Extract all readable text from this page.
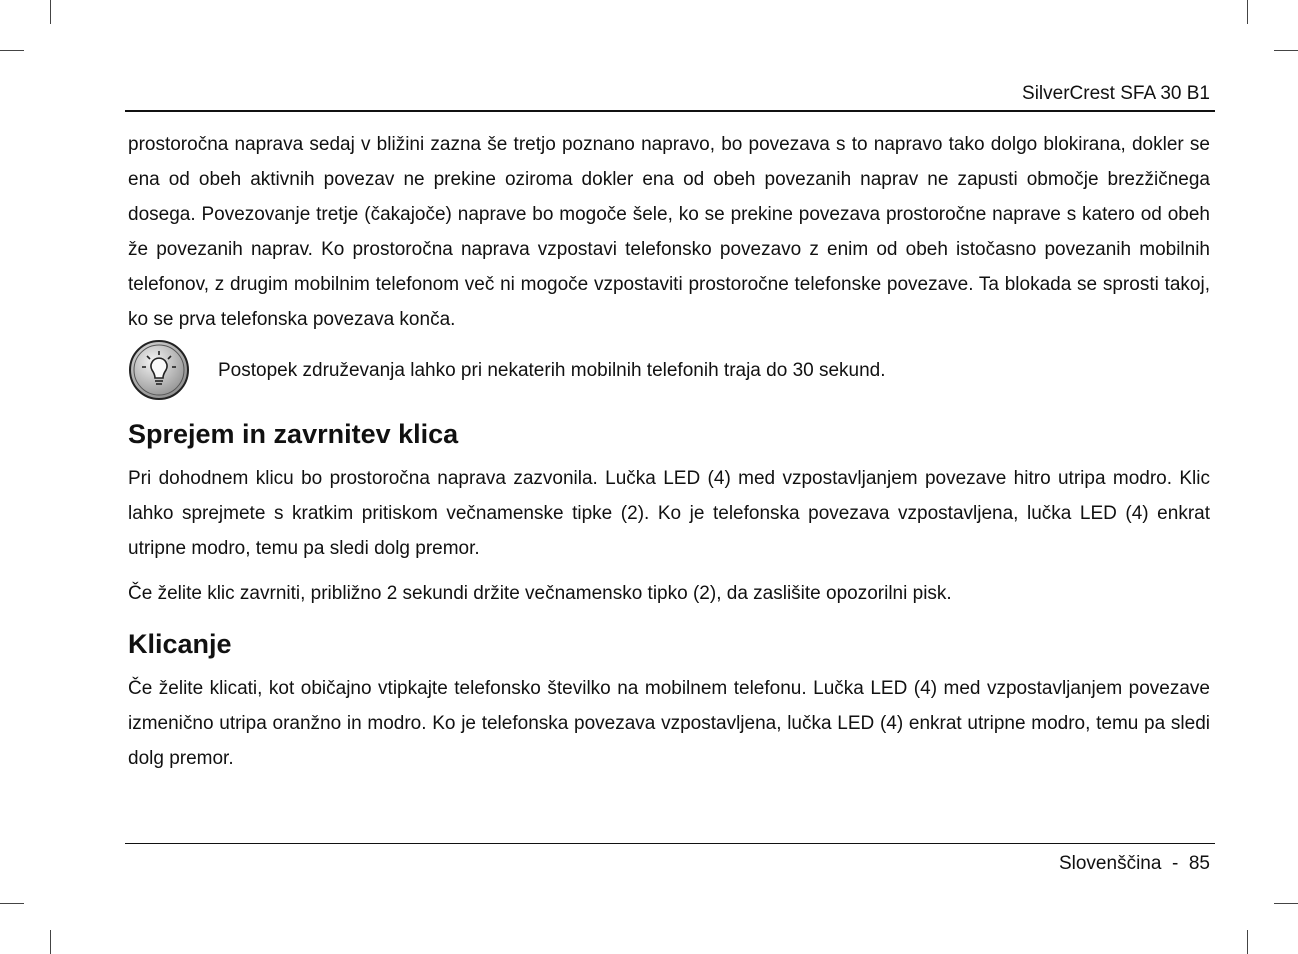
SilverCrest SFA 30 B1

prostoročna naprava sedaj v bližini zazna še tretjo poznano napravo, bo povezava s to napravo tako dolgo blokirana, dokler se ena od obeh aktivnih povezav ne prekine oziroma dokler ena od obeh povezanih naprav ne zapusti območje brezžičnega dosega. Povezovanje tretje (čakajoče) naprave bo mogoče šele, ko se prekine povezava prostoročne naprave s katero od obeh že povezanih naprav. Ko prostoročna naprava vzpostavi telefonsko povezavo z enim od obeh istočasno povezanih mobilnih telefonov, z drugim mobilnim telefonom več ni mogoče vzpostaviti prostoročne telefonske povezave. Ta blokada se sprosti takoj, ko se prva telefonska povezava konča.

Postopek združevanja lahko pri nekaterih mobilnih telefonih traja do 30 sekund.
Sprejem in zavrnitev klica

Pri dohodnem klicu bo prostoročna naprava zazvonila. Lučka LED (4) med vzpostavljanjem povezave hitro utripa modro. Klic lahko sprejmete s kratkim pritiskom večnamenske tipke (2). Ko je telefonska povezava vzpostavljena, lučka LED (4) enkrat utripne modro, temu pa sledi dolg premor.

Če želite klic zavrniti, približno 2 sekundi držite večnamensko tipko (2), da zaslišite opozorilni pisk.

Klicanje

Če želite klicati, kot običajno vtipkajte telefonsko številko na mobilnem telefonu. Lučka LED (4) med vzpostavljanjem povezave izmenično utripa oranžno in modro. Ko je telefonska povezava vzpostavljena, lučka LED (4) enkrat utripne modro, temu pa sledi dolg premor.

Slovenščina  -  85
